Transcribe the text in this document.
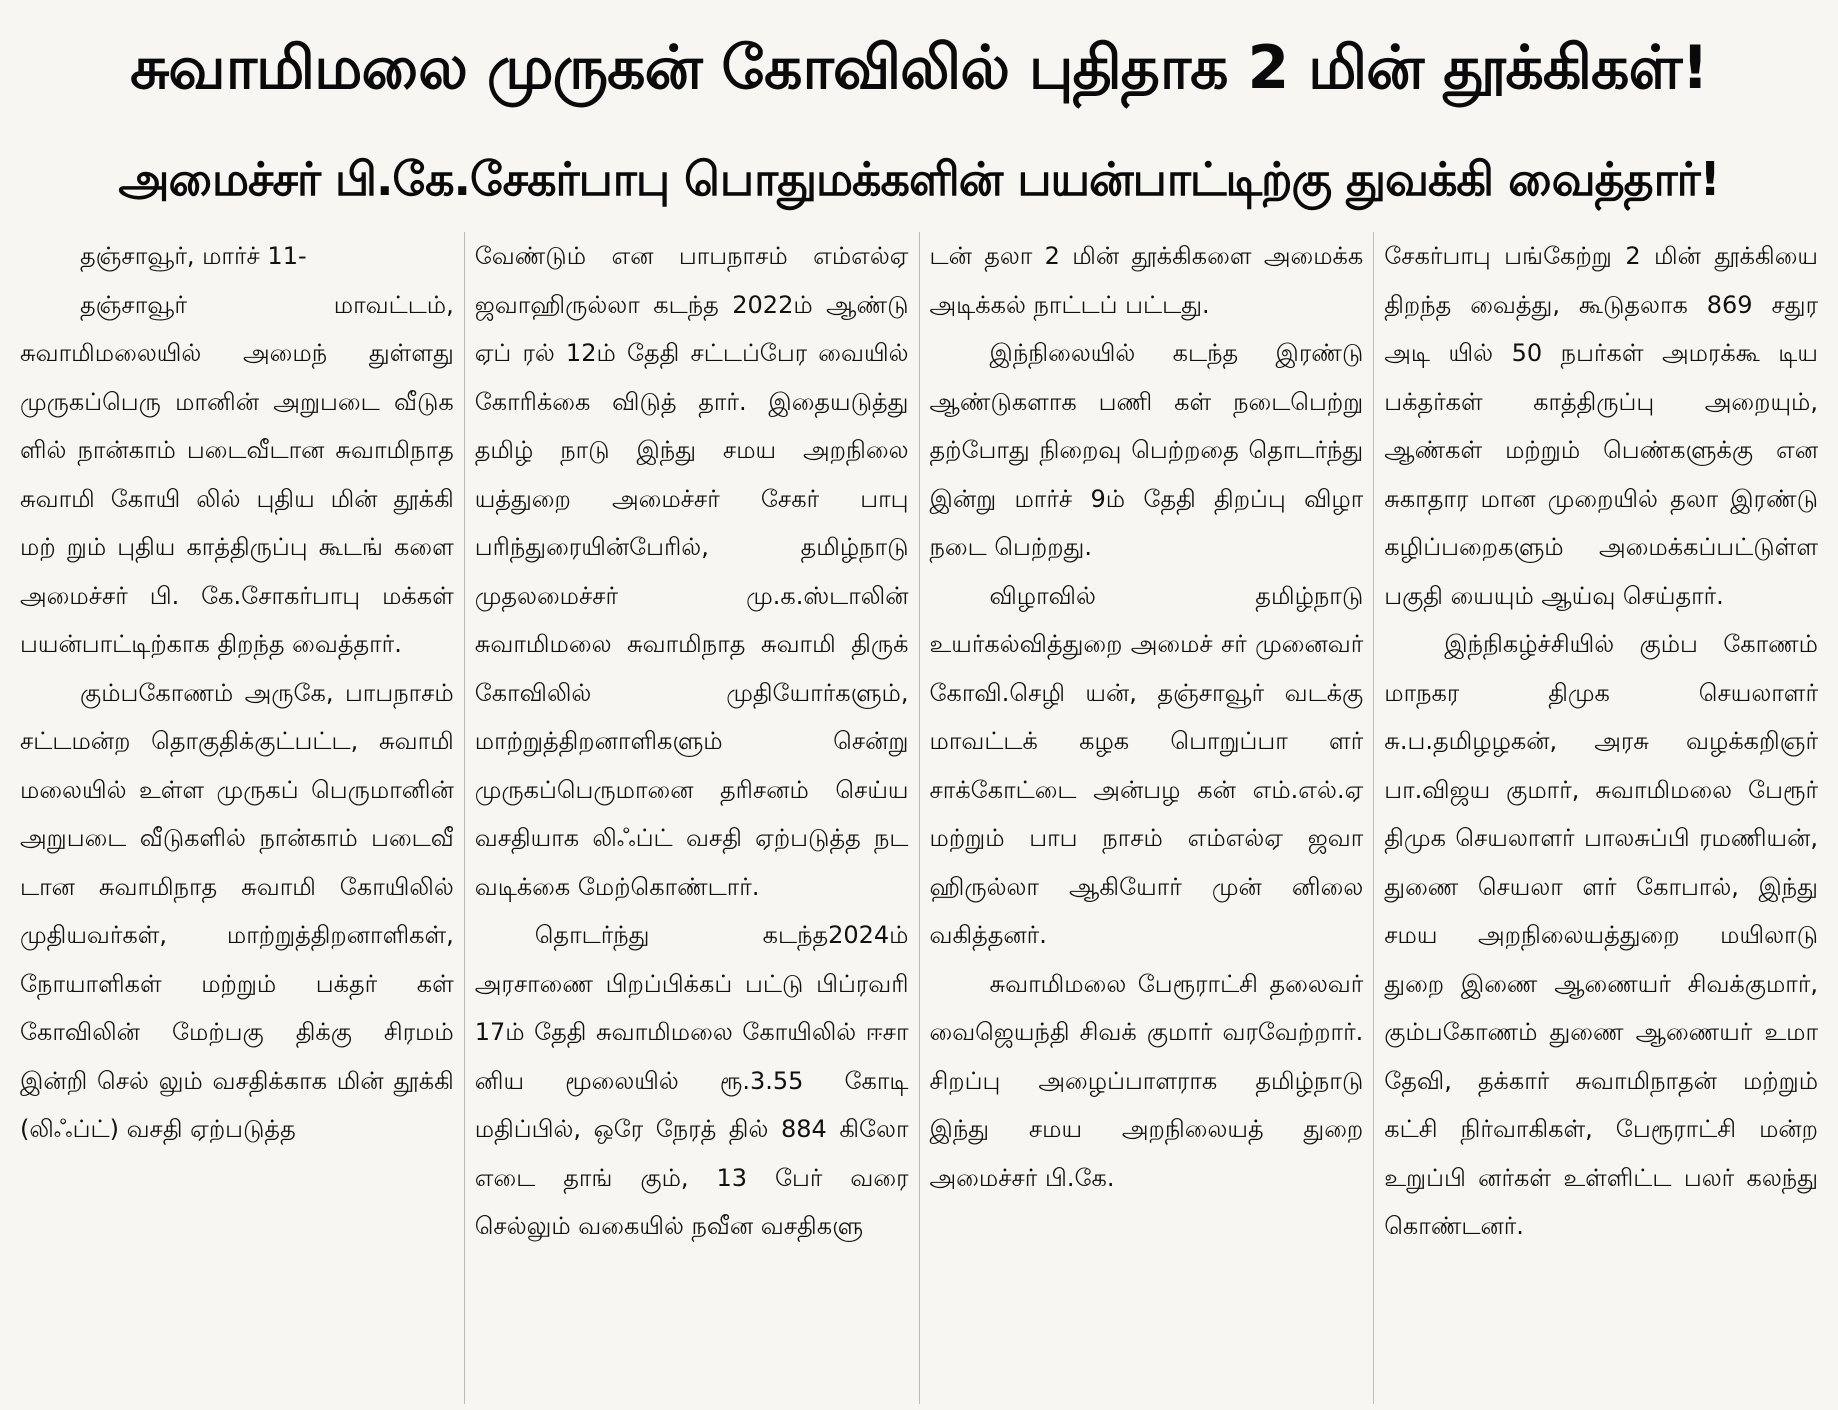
சுவாமிமலை முருகன் கோவிலில் புதிதாக 2 மின் தூக்கிகள்!
அமைச்சர் பி.கே.சேகர்பாபு பொதுமக்களின் பயன்பாட்டிற்கு துவக்கி வைத்தார்!

தஞ்சாவூர், மார்ச் 11-

தஞ்சாவூர் மாவட்டம், சுவாமிமலையில் அமைந் துள்ளது முருகப்பெரு மானின் அறுபடை வீடுக ளில் நான்காம் படைவீடான சுவாமிநாத சுவாமி கோயி லில் புதிய மின் தூக்கி மற் றும் புதிய காத்திருப்பு கூடங் களை அமைச்சர் பி. கே.சோகர்பாபு மக்கள் பயன்பாட்டிற்காக திறந்த வைத்தார்.

கும்பகோணம் அருகே, பாபநாசம் சட்டமன்ற தொகுதிக்குட்பட்ட, சுவாமி மலையில் உள்ள முருகப் பெருமானின் அறுபடை வீடுகளில் நான்காம் படைவீ டான சுவாமிநாத சுவாமி கோயிலில் முதியவர்கள், மாற்றுத்திறனாளிகள், நோயாளிகள் மற்றும் பக்தர் கள் கோவிலின் மேற்பகு திக்கு சிரமம் இன்றி செல் லும் வசதிக்காக மின் தூக்கி (லிஃப்ட்) வசதி ஏற்படுத்த

வேண்டும் என பாபநாசம் எம்எல்ஏ ஜவாஹிருல்லா கடந்த 2022ம் ஆண்டு ஏப் ரல் 12ம் தேதி சட்டப்பேர வையில் கோரிக்கை விடுத் தார். இதையடுத்து தமிழ் நாடு இந்து சமய அறநிலை யத்துறை அமைச்சர் சேகர் பாபு பரிந்துரையின்பேரில், தமிழ்நாடு முதலமைச்சர் மு.க.ஸ்டாலின் சுவாமிமலை சுவாமிநாத சுவாமி திருக் கோவிலில் முதியோர்களும், மாற்றுத்திறனாளிகளும் சென்று முருகப்பெருமானை தரிசனம் செய்ய வசதியாக லிஃப்ட் வசதி ஏற்படுத்த நட வடிக்கை மேற்கொண்டார்.

தொடர்ந்து கடந்த2024ம் அரசாணை பிறப்பிக்கப் பட்டு பிப்ரவரி 17ம் தேதி சுவாமிமலை கோயிலில் ஈசா னிய மூலையில் ரூ.3.55 கோடி மதிப்பில், ஒரே நேரத் தில் 884 கிலோ எடை தாங் கும், 13 பேர் வரை செல்லும் வகையில் நவீன வசதிகளு

டன் தலா 2 மின் தூக்கிகளை அமைக்க அடிக்கல் நாட்டப் பட்டது.

இந்நிலையில் கடந்த இரண்டு ஆண்டுகளாக பணி கள் நடைபெற்று தற்போது நிறைவு பெற்றதை தொடர்ந்து இன்று மார்ச் 9ம் தேதி திறப்பு விழா நடை பெற்றது.

விழாவில் தமிழ்நாடு உயர்கல்வித்துறை அமைச் சர் முனைவர் கோவி.செழி யன், தஞ்சாவூர் வடக்கு மாவட்டக் கழக பொறுப்பா ளர் சாக்கோட்டை அன்பழ கன் எம்.எல்.ஏ மற்றும் பாப நாசம் எம்எல்ஏ ஜவா ஹிருல்லா ஆகியோர் முன் னிலை வகித்தனர்.

சுவாமிமலை பேரூராட்சி தலைவர் வைஜெயந்தி சிவக் குமார் வரவேற்றார். சிறப்பு அழைப்பாளராக தமிழ்நாடு இந்து சமய அறநிலையத் துறை அமைச்சர் பி.கே.

சேகர்பாபு பங்கேற்று 2 மின் தூக்கியை திறந்த வைத்து, கூடுதலாக 869 சதுர அடி யில் 50 நபர்கள் அமரக்கூ டிய பக்தர்கள் காத்திருப்பு அறையும், ஆண்கள் மற்றும் பெண்களுக்கு என சுகாதார மான முறையில் தலா இரண்டு கழிப்பறைகளும் அமைக்கப்பட்டுள்ள பகுதி யையும் ஆய்வு செய்தார்.

இந்நிகழ்ச்சியில் கும்ப கோணம் மாநகர திமுக செயலாளர் சு.ப.தமிழழகன், அரசு வழக்கறிஞர் பா.விஜய குமார், சுவாமிமலை பேரூர் திமுக செயலாளர் பாலசுப்பி ரமணியன், துணை செயலா ளர் கோபால், இந்து சமய அறநிலையத்துறை மயிலாடு துறை இணை ஆணையர் சிவக்குமார், கும்பகோணம் துணை ஆணையர் உமா தேவி, தக்கார் சுவாமிநாதன் மற்றும் கட்சி நிர்வாகிகள், பேரூராட்சி மன்ற உறுப்பி னர்கள் உள்ளிட்ட பலர் கலந்து கொண்டனர்.
